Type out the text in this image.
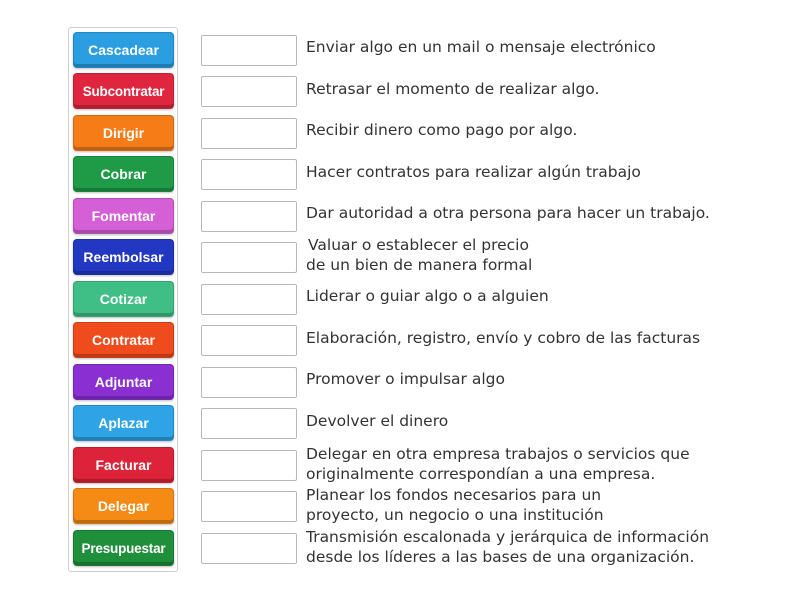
Cascadear
Subcontratar
Dirigir
Cobrar
Fomentar
Reembolsar
Cotizar
Contratar
Adjuntar
Aplazar
Facturar
Delegar
Presupuestar
Enviar algo en un mail o mensaje electrónico
Retrasar el momento de realizar algo.
Recibir dinero como pago por algo.
Hacer contratos para realizar algún trabajo
Dar autoridad a otra persona para hacer un trabajo.
Valuar o establecer el precio
de un bien de manera formal
Liderar o guiar algo o a alguien
Elaboración, registro, envío y cobro de las facturas
Promover o impulsar algo
Devolver el dinero
Delegar en otra empresa trabajos o servicios que
originalmente correspondían a una empresa.
Planear los fondos necesarios para un
proyecto, un negocio o una institución
Transmisión escalonada y jerárquica de información
desde los líderes a las bases de una organización.
